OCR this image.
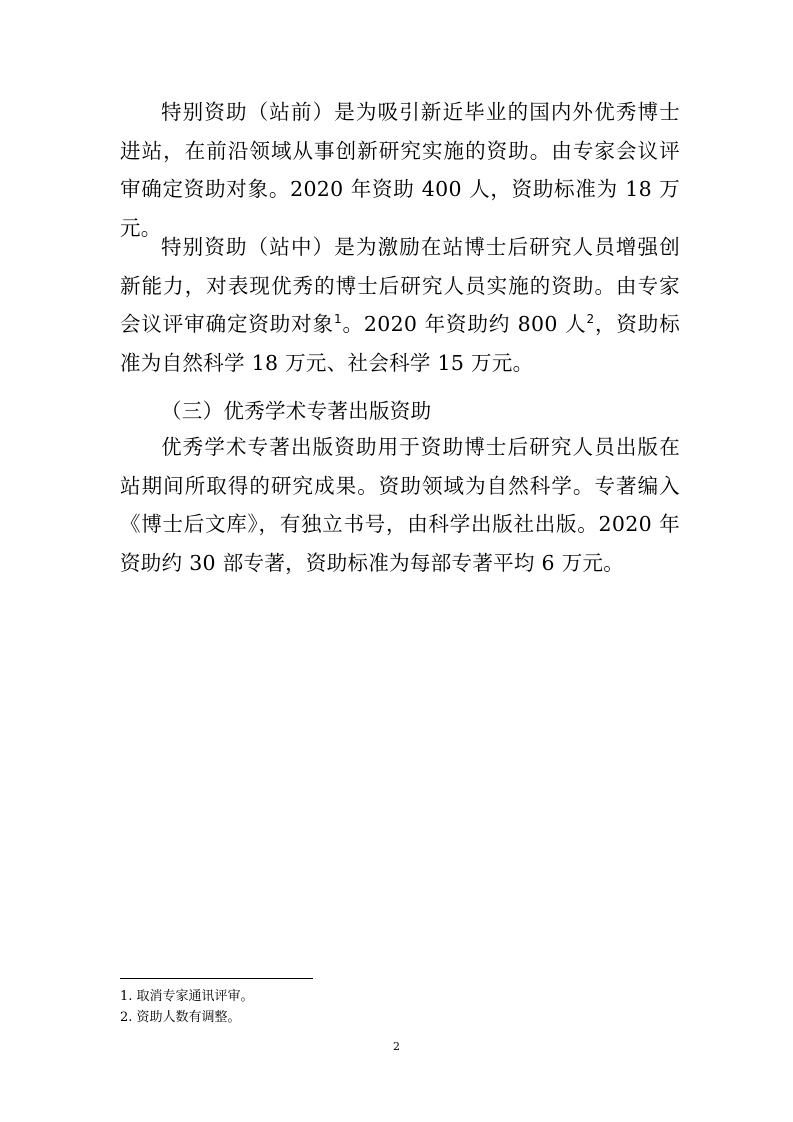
特别资助（站前）是为吸引新近毕业的国内外优秀博士进站，在前沿领域从事创新研究实施的资助。由专家会议评审确定资助对象。2020 年资助 400 人，资助标准为 18 万元。

特别资助（站中）是为激励在站博士后研究人员增强创新能力，对表现优秀的博士后研究人员实施的资助。由专家会议评审确定资助对象$^1$。2020 年资助约 800 人$^2$，资助标准为自然科学 18 万元、社会科学 15 万元。

（三）优秀学术专著出版资助

优秀学术专著出版资助用于资助博士后研究人员出版在站期间所取得的研究成果。资助领域为自然科学。专著编入《博士后文库》，有独立书号，由科学出版社出版。2020 年资助约 30 部专著，资助标准为每部专著平均 6 万元。

1. 取消专家通讯评审。
2. 资助人数有调整。
2
